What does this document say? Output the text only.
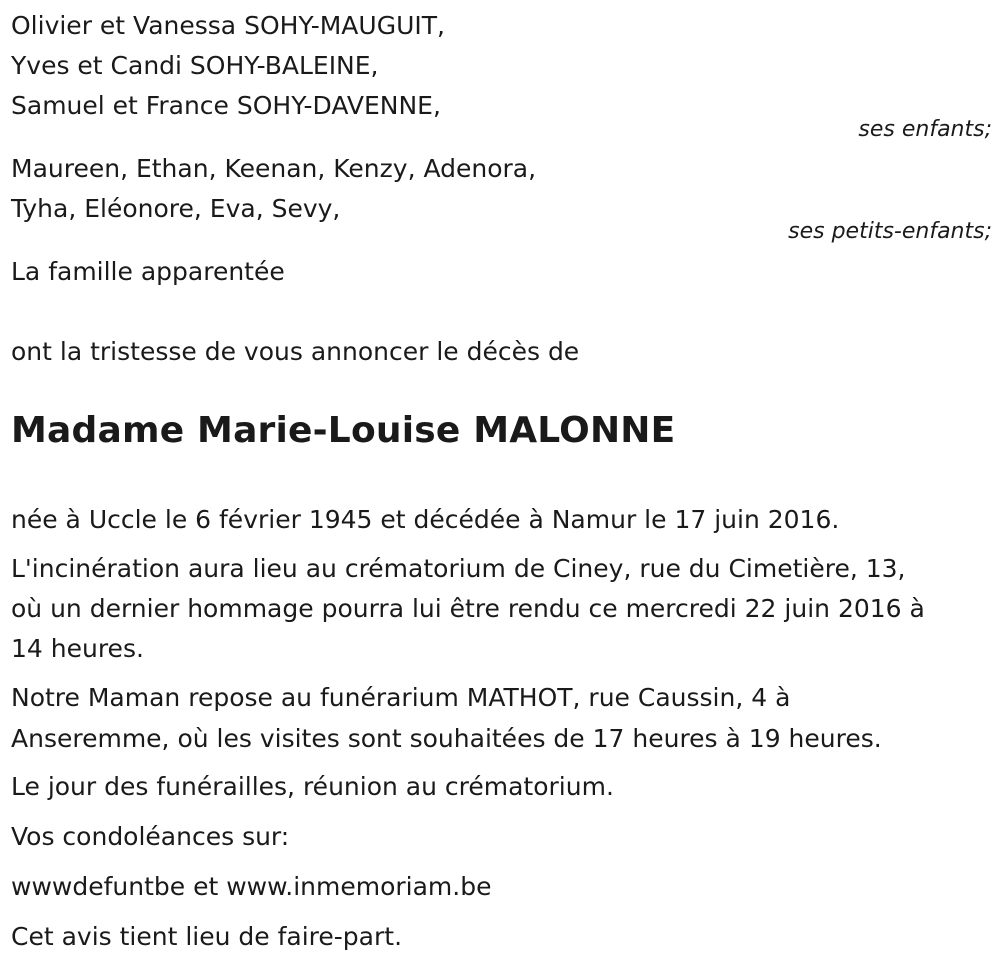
Olivier et Vanessa SOHY-MAUGUIT,
Yves et Candi SOHY-BALEINE,
Samuel et France SOHY-DAVENNE,
ses enfants;
Maureen, Ethan, Keenan, Kenzy, Adenora,
Tyha, Eléonore, Eva, Sevy,
ses petits-enfants;
La famille apparentée
ont la tristesse de vous annoncer le décès de
Madame Marie-Louise MALONNE
née à Uccle le 6 février 1945 et décédée à Namur le 17 juin 2016.
L'incinération aura lieu au crématorium de Ciney, rue du Cimetière, 13,
où un dernier hommage pourra lui être rendu ce mercredi 22 juin 2016 à
14 heures.
Notre Maman repose au funérarium MATHOT, rue Caussin, 4 à
Anseremme, où les visites sont souhaitées de 17 heures à 19 heures.
Le jour des funérailles, réunion au crématorium.
Vos condoléances sur:
wwwdefuntbe et www.inmemoriam.be
Cet avis tient lieu de faire-part.
